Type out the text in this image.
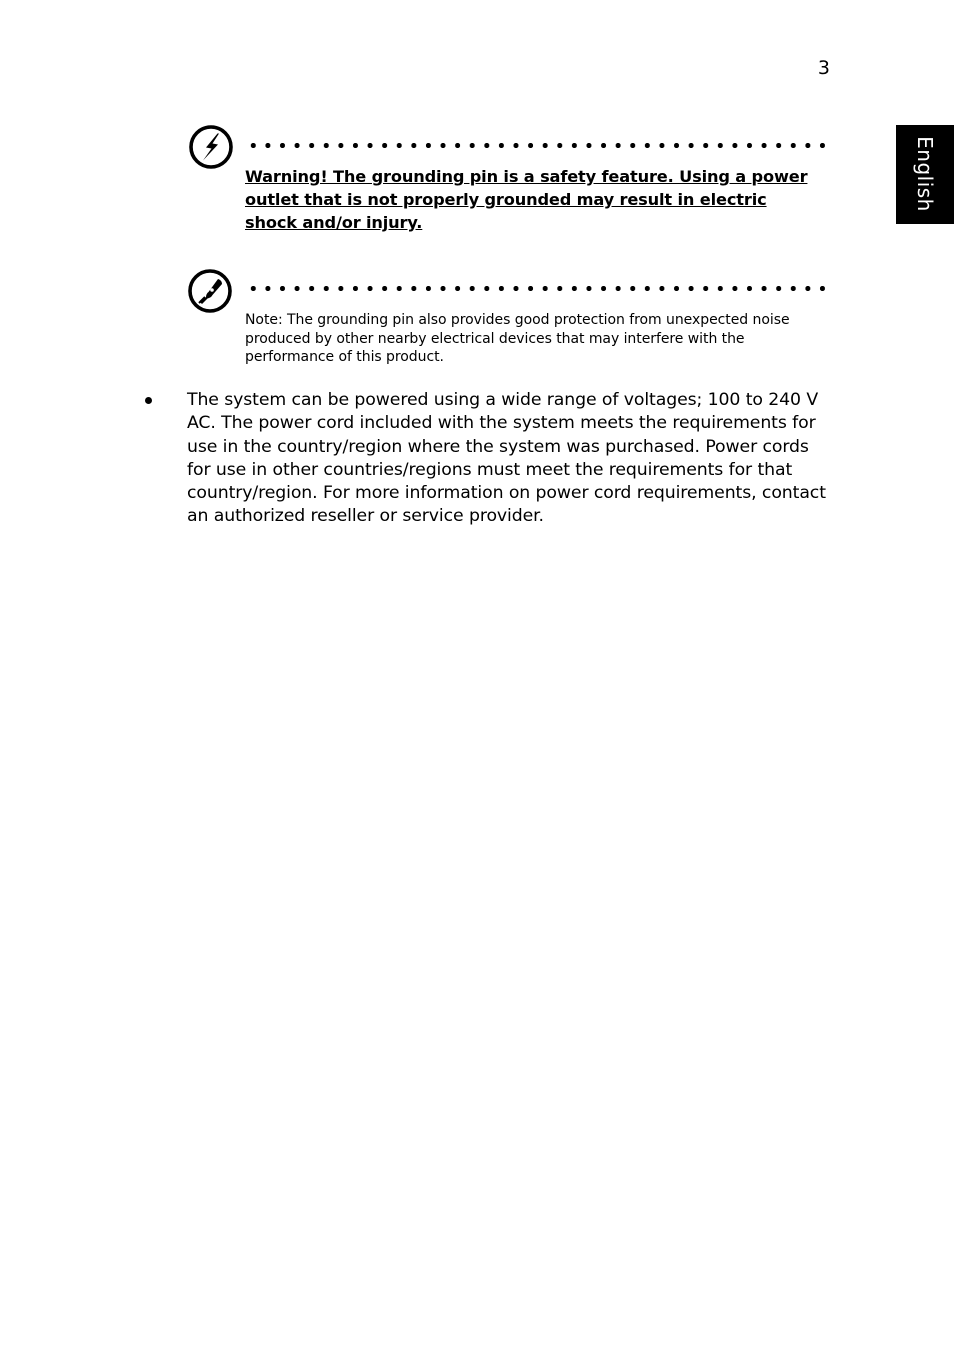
3
English
Warning! The grounding pin is a safety feature. Using a power outlet that is not properly grounded may result in electric shock and/or injury.
Note: The grounding pin also provides good protection from unexpected noise produced by other nearby electrical devices that may interfere with the performance of this product.
The system can be powered using a wide range of voltages; 100 to 240 V AC. The power cord included with the system meets the requirements for use in the country/region where the system was purchased. Power cords for use in other countries/regions must meet the requirements for that country/region. For more information on power cord requirements, contact an authorized reseller or service provider.
